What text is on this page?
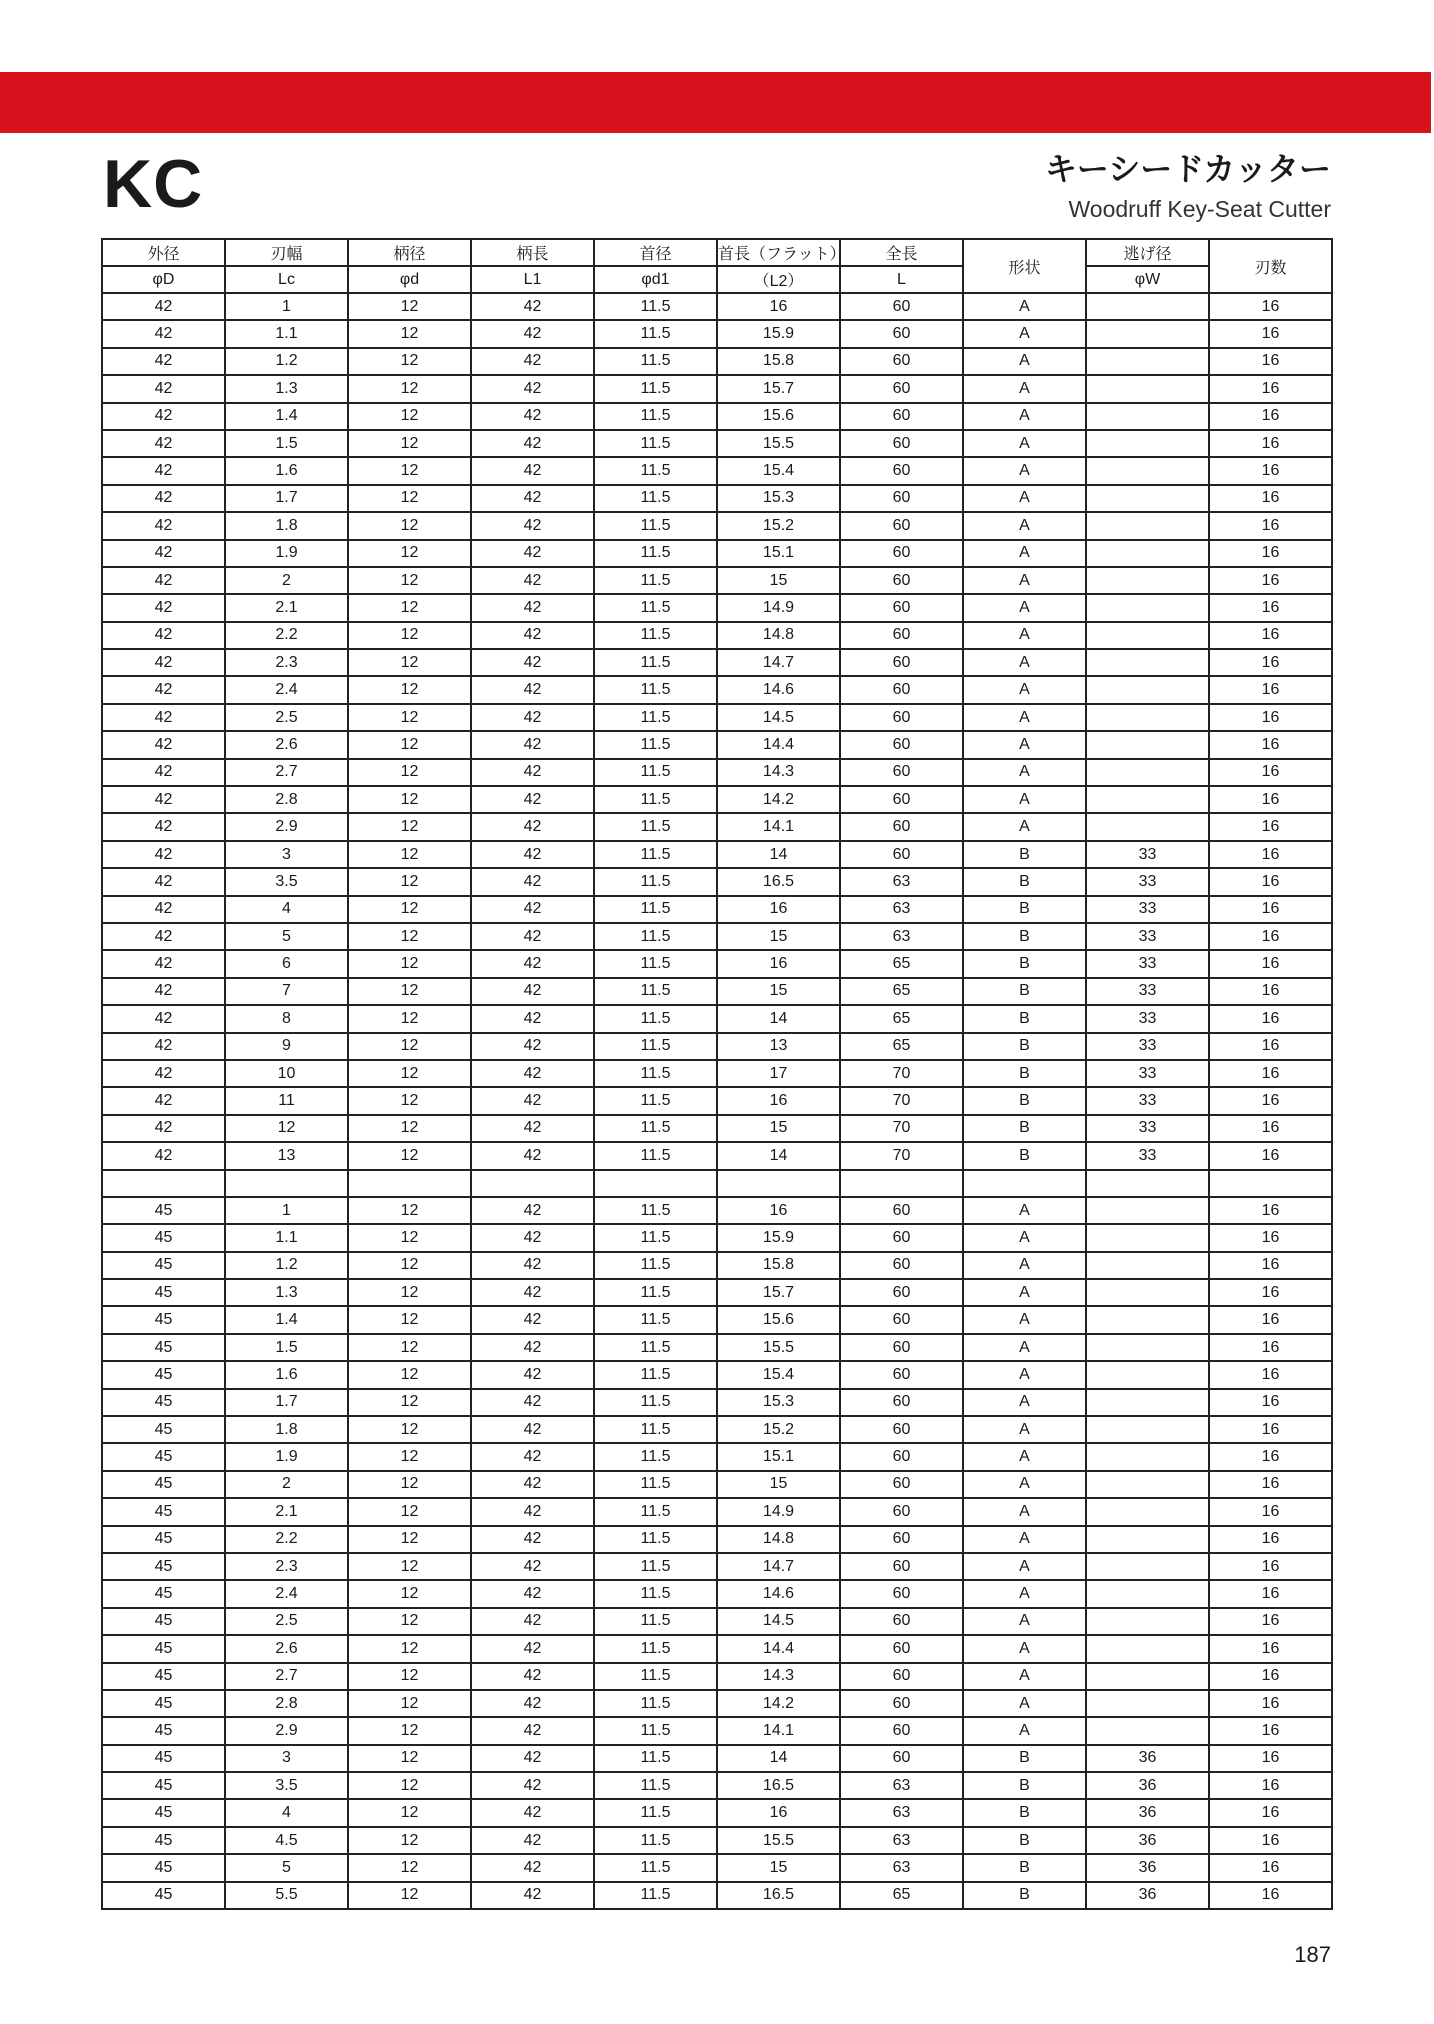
KC	キーシードカッター
Woodruff Key-Seat Cutter
外径	刃幅	柄径	柄長	首径	首長（フラット）	全長	形状	逃げ径	刃数
φD	Lc	φd	L1	φd1	（L2）	L		φW	
42	1	12	42	11.5	16	60	A		16
42	1.1	12	42	11.5	15.9	60	A		16
42	1.2	12	42	11.5	15.8	60	A		16
42	1.3	12	42	11.5	15.7	60	A		16
42	1.4	12	42	11.5	15.6	60	A		16
42	1.5	12	42	11.5	15.5	60	A		16
42	1.6	12	42	11.5	15.4	60	A		16
42	1.7	12	42	11.5	15.3	60	A		16
42	1.8	12	42	11.5	15.2	60	A		16
42	1.9	12	42	11.5	15.1	60	A		16
42	2	12	42	11.5	15	60	A		16
42	2.1	12	42	11.5	14.9	60	A		16
42	2.2	12	42	11.5	14.8	60	A		16
42	2.3	12	42	11.5	14.7	60	A		16
42	2.4	12	42	11.5	14.6	60	A		16
42	2.5	12	42	11.5	14.5	60	A		16
42	2.6	12	42	11.5	14.4	60	A		16
42	2.7	12	42	11.5	14.3	60	A		16
42	2.8	12	42	11.5	14.2	60	A		16
42	2.9	12	42	11.5	14.1	60	A		16
42	3	12	42	11.5	14	60	B	33	16
42	3.5	12	42	11.5	16.5	63	B	33	16
42	4	12	42	11.5	16	63	B	33	16
42	5	12	42	11.5	15	63	B	33	16
42	6	12	42	11.5	16	65	B	33	16
42	7	12	42	11.5	15	65	B	33	16
42	8	12	42	11.5	14	65	B	33	16
42	9	12	42	11.5	13	65	B	33	16
42	10	12	42	11.5	17	70	B	33	16
42	11	12	42	11.5	16	70	B	33	16
42	12	12	42	11.5	15	70	B	33	16
42	13	12	42	11.5	14	70	B	33	16

45	1	12	42	11.5	16	60	A		16
45	1.1	12	42	11.5	15.9	60	A		16
45	1.2	12	42	11.5	15.8	60	A		16
45	1.3	12	42	11.5	15.7	60	A		16
45	1.4	12	42	11.5	15.6	60	A		16
45	1.5	12	42	11.5	15.5	60	A		16
45	1.6	12	42	11.5	15.4	60	A		16
45	1.7	12	42	11.5	15.3	60	A		16
45	1.8	12	42	11.5	15.2	60	A		16
45	1.9	12	42	11.5	15.1	60	A		16
45	2	12	42	11.5	15	60	A		16
45	2.1	12	42	11.5	14.9	60	A		16
45	2.2	12	42	11.5	14.8	60	A		16
45	2.3	12	42	11.5	14.7	60	A		16
45	2.4	12	42	11.5	14.6	60	A		16
45	2.5	12	42	11.5	14.5	60	A		16
45	2.6	12	42	11.5	14.4	60	A		16
45	2.7	12	42	11.5	14.3	60	A		16
45	2.8	12	42	11.5	14.2	60	A		16
45	2.9	12	42	11.5	14.1	60	A		16
45	3	12	42	11.5	14	60	B	36	16
45	3.5	12	42	11.5	16.5	63	B	36	16
45	4	12	42	11.5	16	63	B	36	16
45	4.5	12	42	11.5	15.5	63	B	36	16
45	5	12	42	11.5	15	63	B	36	16
45	5.5	12	42	11.5	16.5	65	B	36	16
187
